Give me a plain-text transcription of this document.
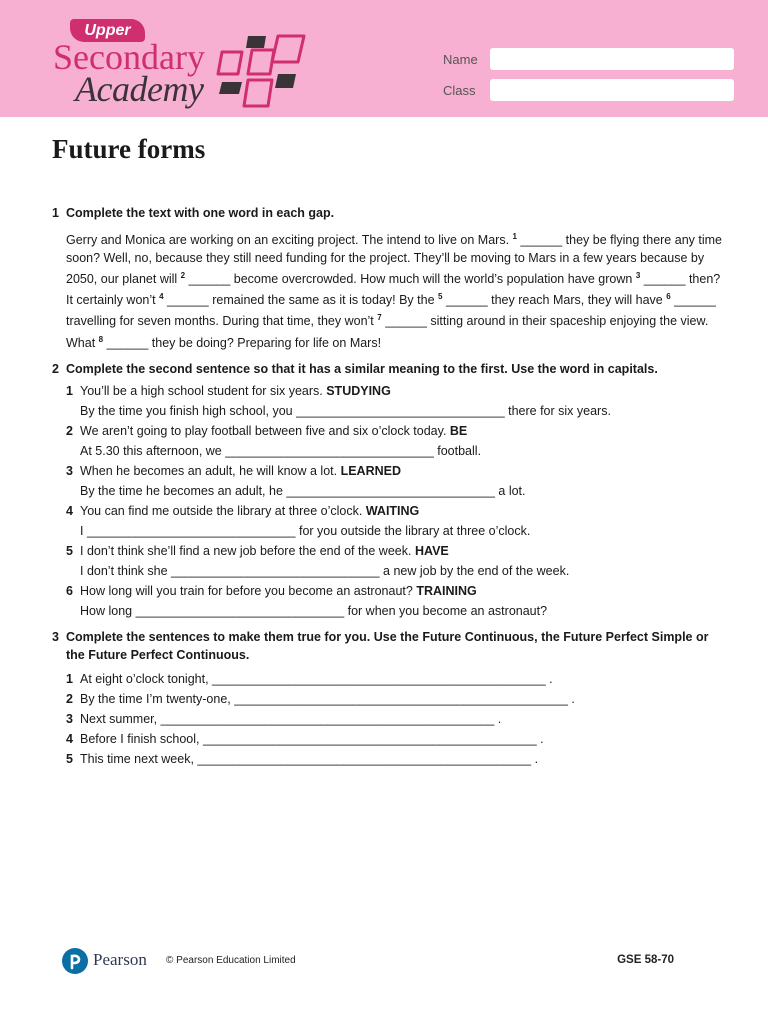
Upper
Secondary
Academy
Name
Class
Future forms
1 Complete the text with one word in each gap.
Gerry and Monica are working on an exciting project. The intend to live on Mars. $^1$ ______ they be flying there any time soon? Well, no, because they still need funding for the project. They’ll be moving to Mars in a few years because by 2050, our planet will $^2$ ______ become overcrowded. How much will the world’s population have grown $^3$ ______ then? It certainly won’t $^4$ ______ remained the same as it is today! By the $^5$ ______ they reach Mars, they will have $^6$ ______ travelling for seven months. During that time, they won’t $^7$ ______ sitting around in their spaceship enjoying the view.
What $^8$ ______ they be doing? Preparing for life on Mars!
2 Complete the second sentence so that it has a similar meaning to the first. Use the word in capitals.
1 You’ll be a high school student for six years. STUDYING
By the time you finish high school, you ______________________________ there for six years.
2 We aren’t going to play football between five and six o’clock today. BE
At 5.30 this afternoon, we ______________________________ football.
3 When he becomes an adult, he will know a lot. LEARNED
By the time he becomes an adult, he ______________________________ a lot.
4 You can find me outside the library at three o’clock. WAITING
I ______________________________ for you outside the library at three o’clock.
5 I don’t think she’ll find a new job before the end of the week. HAVE
I don’t think she ______________________________ a new job by the end of the week.
6 How long will you train for before you become an astronaut? TRAINING
How long ______________________________ for when you become an astronaut?
3 Complete the sentences to make them true for you. Use the Future Continuous, the Future Perfect Simple or the Future Perfect Continuous.
1 At eight o’clock tonight, ________________________________________________ .
2 By the time I’m twenty-one, ________________________________________________ .
3 Next summer, ________________________________________________ .
4 Before I finish school, ________________________________________________ .
5 This time next week, ________________________________________________ .
Pearson © Pearson Education Limited	GSE 58-70
